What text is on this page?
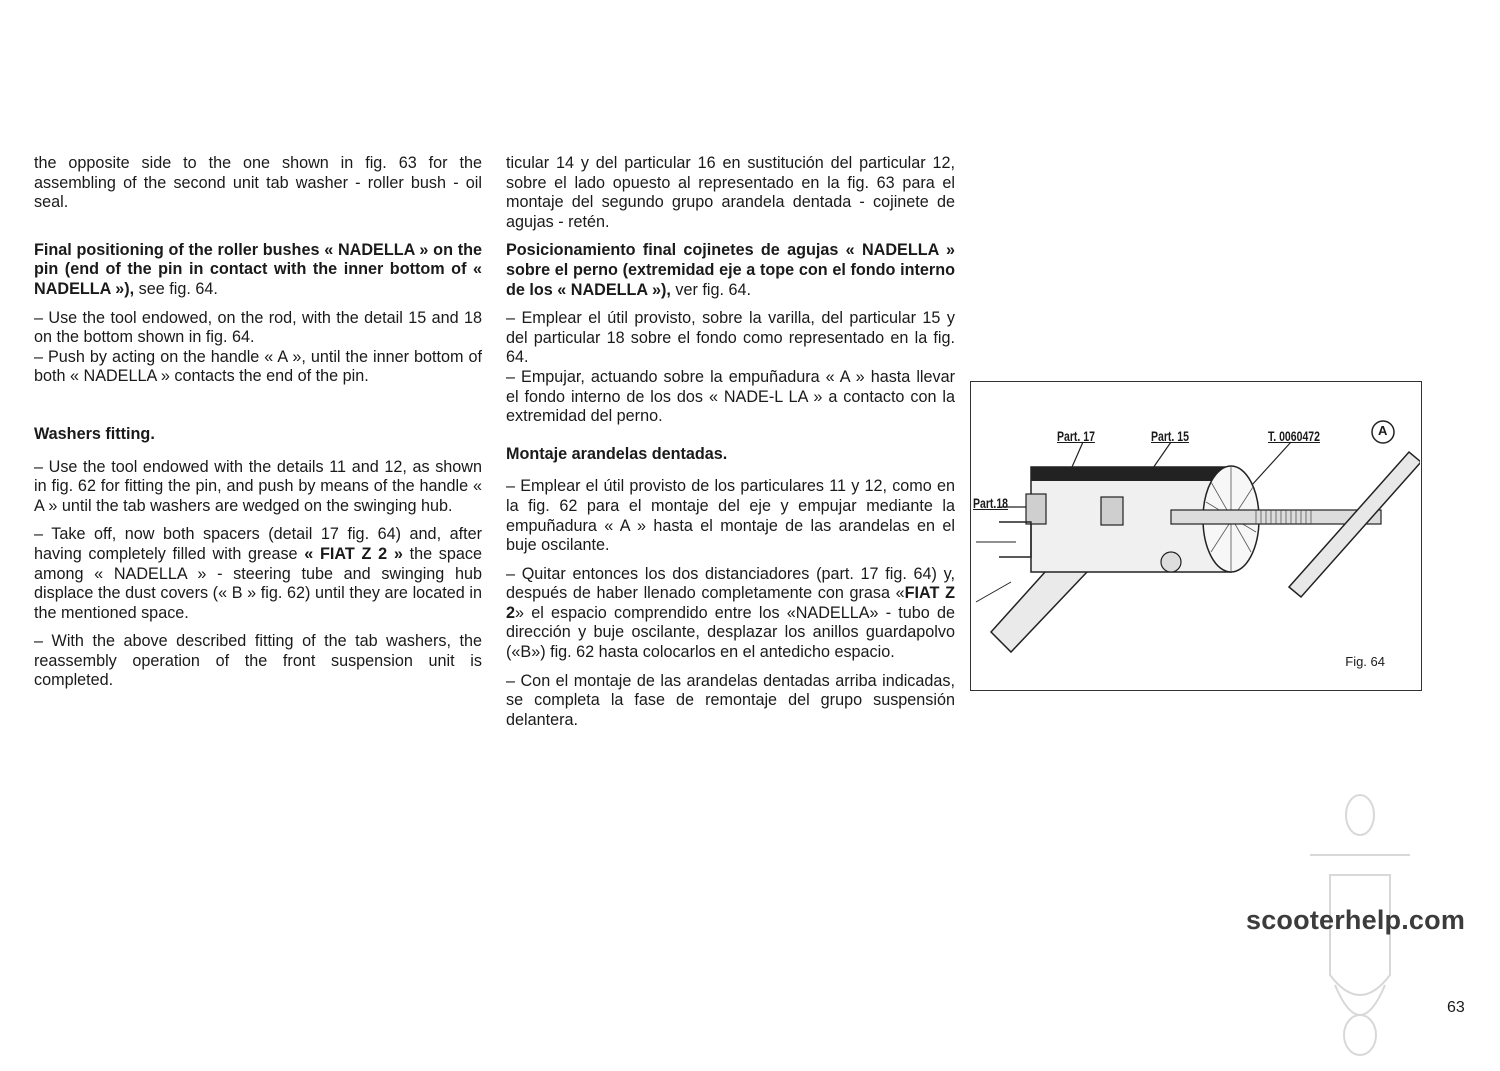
the opposite side to the one shown in fig. 63 for the assembling of the second unit tab washer - roller bush - oil seal.

Final positioning of the roller bushes « NADELLA » on the pin (end of the pin in contact with the inner bottom of « NADELLA »), see fig. 64.

– Use the tool endowed, on the rod, with the detail 15 and 18 on the bottom shown in fig. 64.

– Push by acting on the handle « A », until the inner bottom of both « NADELLA » contacts the end of the pin.

Washers fitting.

– Use the tool endowed with the details 11 and 12, as shown in fig. 62 for fitting the pin, and push by means of the handle « A » until the tab washers are wedged on the swinging hub.

– Take off, now both spacers (detail 17 fig. 64) and, after having completely filled with grease « FIAT Z 2 » the space among « NADELLA » - steering tube and swinging hub displace the dust covers (« B » fig. 62) until they are located in the mentioned space.

– With the above described fitting of the tab washers, the reassembly operation of the front suspension unit is completed.

ticular 14 y del particular 16 en sustitución del particular 12, sobre el lado opuesto al representado en la fig. 63 para el montaje del segundo grupo arandela dentada - cojinete de agujas - retén.

Posicionamiento final cojinetes de agujas « NADELLA » sobre el perno (extremidad eje a tope con el fondo interno de los « NADELLA »), ver fig. 64.

– Emplear el útil provisto, sobre la varilla, del particular 15 y del particular 18 sobre el fondo como representado en la fig. 64.

– Empujar, actuando sobre la empuñadura « A » hasta llevar el fondo interno de los dos « NADE-L LA » a contacto con la extremidad del perno.

Montaje arandelas dentadas.

– Emplear el útil provisto de los particulares 11 y 12, como en la fig. 62 para el montaje del eje y empujar mediante la empuñadura « A » hasta el montaje de las arandelas en el buje oscilante.

– Quitar entonces los dos distanciadores (part. 17 fig. 64) y, después de haber llenado completamente con grasa «FIAT Z 2» el espacio comprendido entre los «NADELLA» - tubo de dirección y buje oscilante, desplazar los anillos guardapolvo («B») fig. 62 hasta colocarlos en el antedicho espacio.

– Con el montaje de las arandelas dentadas arriba indicadas, se completa la fase de remontaje del grupo suspensión delantera.

Part. 17	Part. 15	T. 0060472	A
Part.18
Fig. 64
scooterhelp.com
63
